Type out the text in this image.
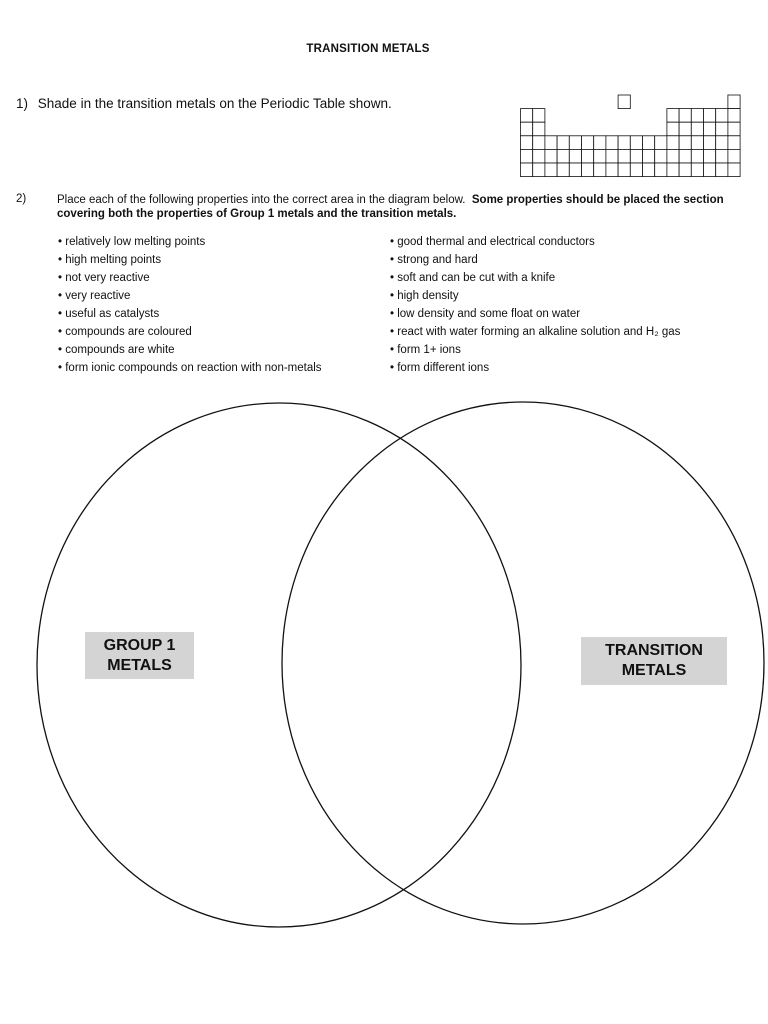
TRANSITION METALS
1) Shade in the transition metals on the Periodic Table shown.
2)	Place each of the following properties into the correct area in the diagram below. Some properties should be placed the section covering both the properties of Group 1 metals and the transition metals.
• relatively low melting points
• high melting points
• not very reactive
• very reactive
• useful as catalysts
• compounds are coloured
• compounds are white
• form ionic compounds on reaction with non-metals
• good thermal and electrical conductors
• strong and hard
• soft and can be cut with a knife
• high density
• low density and some float on water
• react with water forming an alkaline solution and H₂ gas
• form 1+ ions
• form different ions
GROUP 1
METALS
TRANSITION
METALS
